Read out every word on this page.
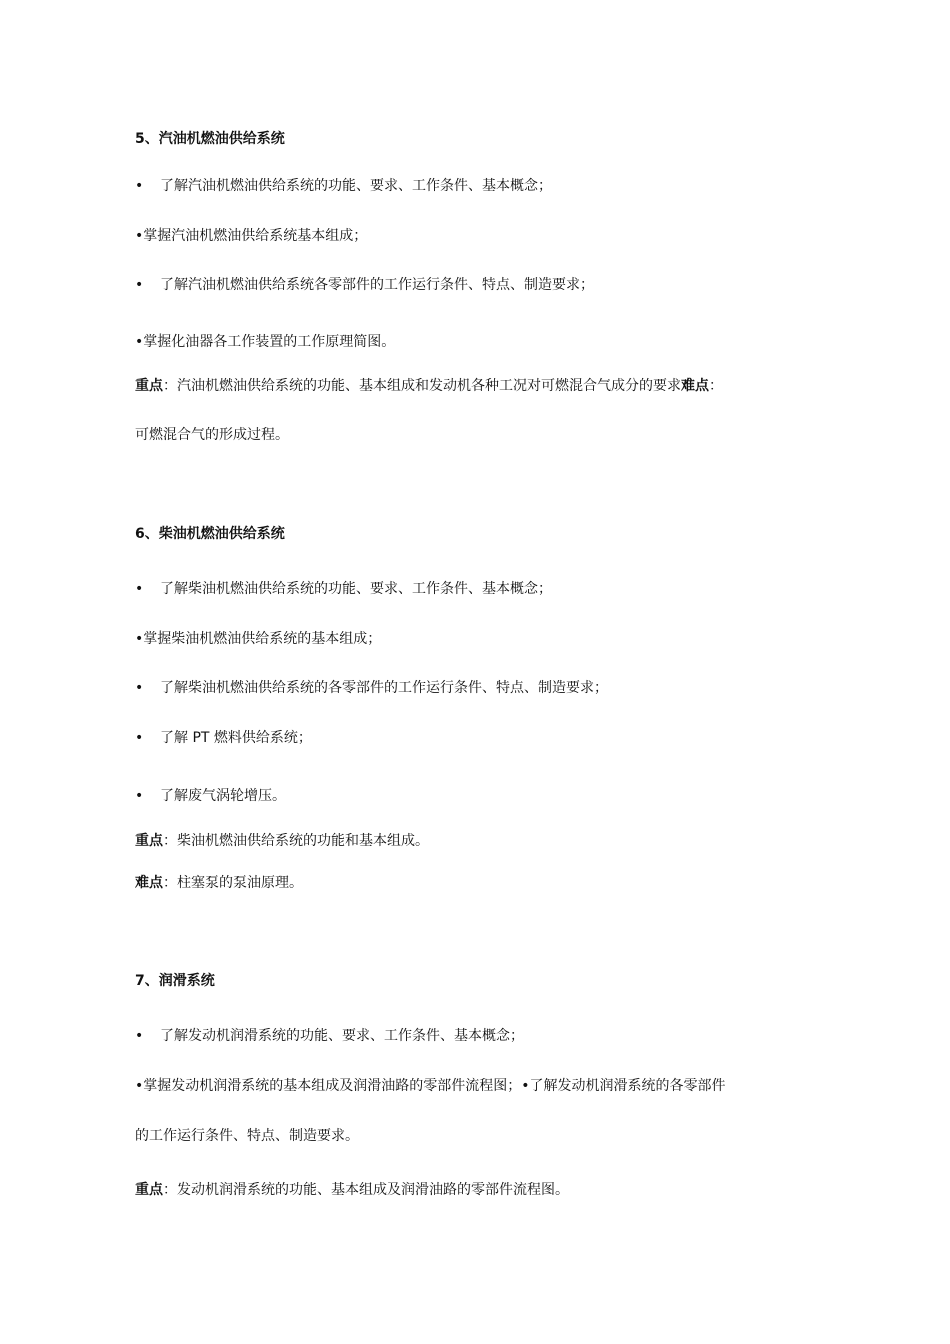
5、汽油机燃油供给系统
• 了解汽油机燃油供给系统的功能、要求、工作条件、基本概念；
•掌握汽油机燃油供给系统基本组成；
• 了解汽油机燃油供给系统各零部件的工作运行条件、特点、制造要求；
•掌握化油器各工作装置的工作原理简图。
重点：汽油机燃油供给系统的功能、基本组成和发动机各种工况对可燃混合气成分的要求难点：
可燃混合气的形成过程。
6、柴油机燃油供给系统
• 了解柴油机燃油供给系统的功能、要求、工作条件、基本概念；
•掌握柴油机燃油供给系统的基本组成；
• 了解柴油机燃油供给系统的各零部件的工作运行条件、特点、制造要求；
• 了解 PT 燃料供给系统；
• 了解废气涡轮增压。
重点：柴油机燃油供给系统的功能和基本组成。
难点：柱塞泵的泵油原理。
7、润滑系统
• 了解发动机润滑系统的功能、要求、工作条件、基本概念；
•掌握发动机润滑系统的基本组成及润滑油路的零部件流程图；•了解发动机润滑系统的各零部件
的工作运行条件、特点、制造要求。
重点：发动机润滑系统的功能、基本组成及润滑油路的零部件流程图。
